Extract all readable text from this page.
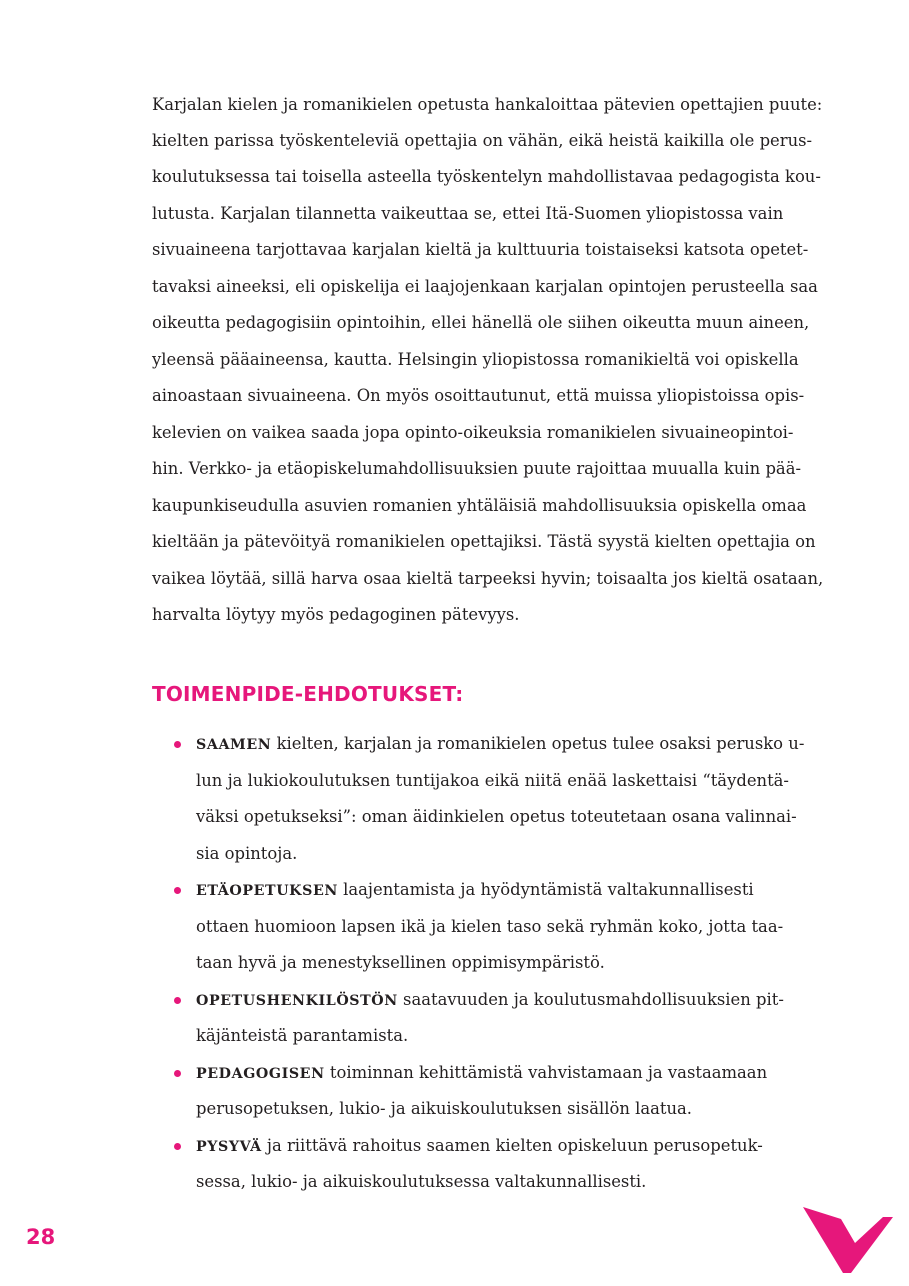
Karjalan kielen ja romanikielen opetusta hankaloittaa pätevien opettajien puute:
kielten parissa työskenteleviä opettajia on vähän, eikä heistä kaikilla ole perus-
koulutuksessa tai toisella asteella työskentelyn mahdollistavaa pedagogista kou-
lutusta. Karjalan tilannetta vaikeuttaa se, ettei Itä-Suomen yliopistossa vain
sivuaineena tarjottavaa karjalan kieltä ja kulttuuria toistaiseksi katsota opetet-
tavaksi aineeksi, eli opiskelija ei laajojenkaan karjalan opintojen perusteella saa
oikeutta pedagogisiin opintoihin, ellei hänellä ole siihen oikeutta muun aineen,
yleensä pääaineensa, kautta. Helsingin yliopistossa romanikieltä voi opiskella
ainoastaan sivuaineena. On myös osoittautunut, että muissa yliopistoissa opis-
kelevien on vaikea saada jopa opinto-oikeuksia romanikielen sivuaineopintoi-
hin. Verkko- ja etäopiskelumahdollisuuksien puute rajoittaa muualla kuin pää-
kaupunkiseudulla asuvien romanien yhtäläisiä mahdollisuuksia opiskella omaa
kieltään ja pätevöityä romanikielen opettajiksi. Tästä syystä kielten opettajia on
vaikea löytää, sillä harva osaa kieltä tarpeeksi hyvin; toisaalta jos kieltä osataan,
harvalta löytyy myös pedagoginen pätevyys.
TOIMENPIDE-EHDOTUKSET:
SAAMEN kielten, karjalan ja romanikielen opetus tulee osaksi perusko u-
lun ja lukiokoulutuksen tuntijakoa eikä niitä enää laskettaisi “täydentä-
väksi opetukseksi”: oman äidinkielen opetus toteutetaan osana valinnai-
sia opintoja.
ETÄOPETUKSEN laajentamista ja hyödyntämistä valtakunnallisesti
ottaen huomioon lapsen ikä ja kielen taso sekä ryhmän koko, jotta taa-
taan hyvä ja menestyksellinen oppimisympäristö.
OPETUSHENKILÖSTÖN saatavuuden ja koulutusmahdollisuuksien pit-
käjänteistä parantamista.
PEDAGOGISEN toiminnan kehittämistä vahvistamaan ja vastaamaan
perusopetuksen, lukio- ja aikuiskoulutuksen sisällön laatua.
PYSYVÄ ja riittävä rahoitus saamen kielten opiskeluun perusopetuk-
sessa, lukio- ja aikuiskoulutuksessa valtakunnallisesti.
28
